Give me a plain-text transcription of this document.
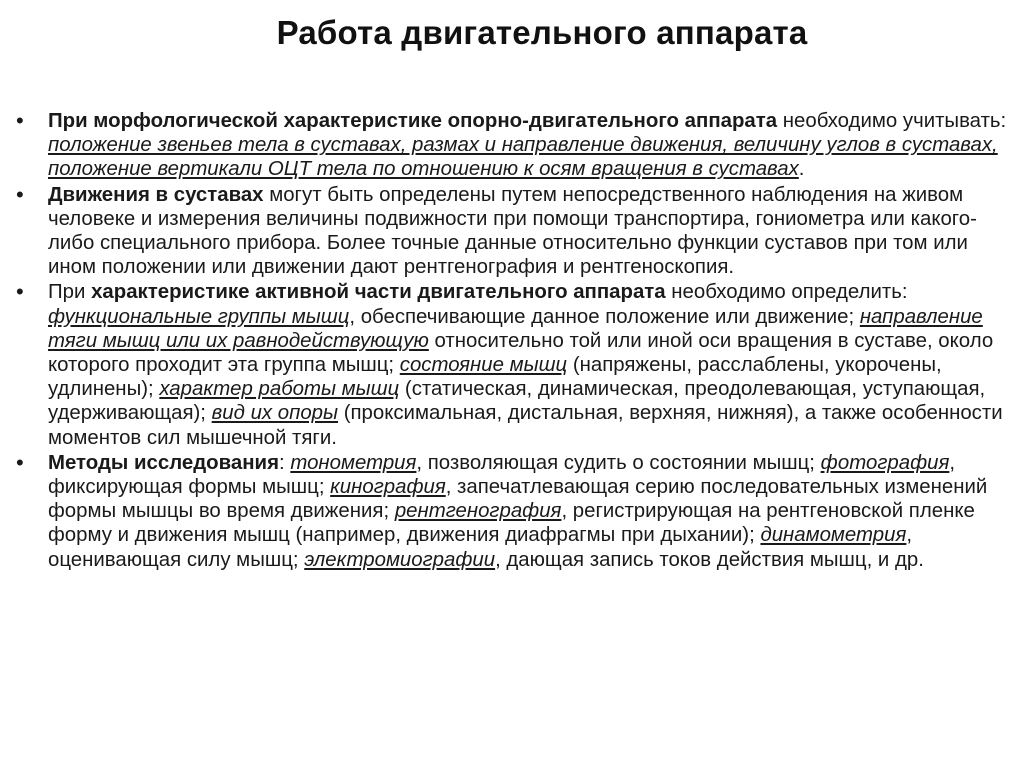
Работа двигательного аппарата
• При морфологической характеристике опорно-двигательного аппарата необходимо учитывать: положение звеньев тела в суставах, размах и направление движения, величину углов в суставах, положение вертикали ОЦТ тела по отношению к осям вращения в суставах.
• Движения в суставах могут быть определены путем непосредственного наблюдения на живом человеке и измерения величины подвижности при помощи транспортира, гониометра или какого-либо специального прибора. Более точные данные относительно функции суставов при том или ином положении или движении дают рентгенография и рентгеноскопия.
• При характеристике активной части двигательного аппарата необходимо определить: функциональные группы мышц, обеспечивающие данное положение или движение; направление тяги мышц или их равнодействующую относительно той или иной оси вращения в суставе, около которого проходит эта группа мышц; состояние мышц (напряжены, расслаблены, укорочены, удлинены); характер работы мышц (статическая, динамическая, преодолевающая, уступающая, удерживающая); вид их опоры (проксимальная, дистальная, верхняя, нижняя), а также особенности моментов сил мышечной тяги.
• Методы исследования: тонометрия, позволяющая судить о состоянии мышц; фотография, фиксирующая формы мышц; кинография, запечатлевающая серию последовательных изменений формы мышцы во время движения; рентгенография, регистрирующая на рентгеновской пленке форму и движения мышц (например, движения диафрагмы при дыхании); динамометрия, оценивающая силу мышц; электромиографии, дающая запись токов действия мышц, и др.
